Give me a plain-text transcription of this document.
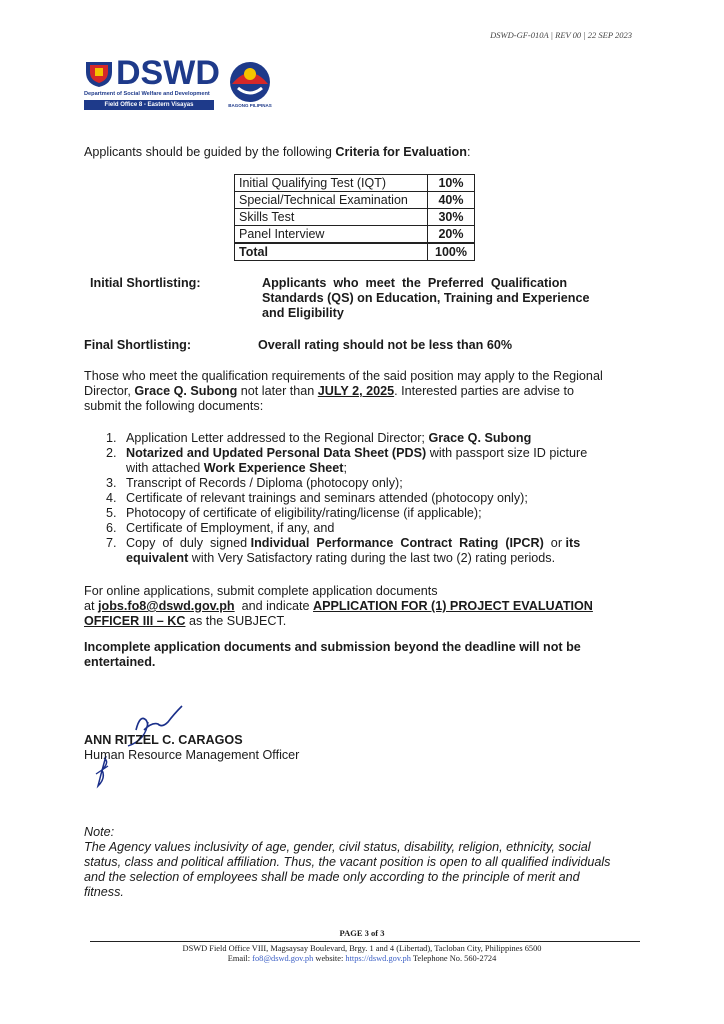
DSWD-GF-010A | REV 00 | 22 SEP 2023
DSWD
Department of Social Welfare and Development
Field Office 8 - Eastern Visayas	BAGONG PILIPINAS
Applicants should be guided by the following Criteria for Evaluation:
Initial Qualifying Test (IQT)	10%
Special/Technical Examination	40%
Skills Test	30%
Panel Interview	20%
Total	100%
Initial Shortlisting:	Applicants  who  meet  the  Preferred  Qualification
Standards (QS) on Education, Training and Experience
and Eligibility
Final Shortlisting:	Overall rating should not be less than 60%
Those who meet the qualification requirements of the said position may apply to the Regional
Director, Grace Q. Subong not later than JULY 2, 2025. Interested parties are advise to
submit the following documents:
1. Application Letter addressed to the Regional Director; Grace Q. Subong
2. Notarized and Updated Personal Data Sheet (PDS) with passport size ID picture
with attached Work Experience Sheet;
3. Transcript of Records / Diploma (photocopy only);
4. Certificate of relevant trainings and seminars attended (photocopy only);
5. Photocopy of certificate of eligibility/rating/license (if applicable);
6. Certificate of Employment, if any, and
7. Copy  of  duly  signed Individual  Performance  Contract  Rating  (IPCR)  or its
equivalent with Very Satisfactory rating during the last two (2) rating periods.
For online applications, submit complete application documents
at jobs.fo8@dswd.gov.ph  and indicate APPLICATION FOR (1) PROJECT EVALUATION
OFFICER III – KC as the SUBJECT.
Incomplete application documents and submission beyond the deadline will not be
entertained.
ANN RITZEL C. CARAGOS
Human Resource Management Officer
Note:
The Agency values inclusivity of age, gender, civil status, disability, religion, ethnicity, social
status, class and political affiliation. Thus, the vacant position is open to all qualified individuals
and the selection of employees shall be made only according to the principle of merit and
fitness.
PAGE 3 of 3
DSWD Field Office VIII, Magsaysay Boulevard, Brgy. 1 and 4 (Libertad), Tacloban City, Philippines 6500
Email: fo8@dswd.gov.ph website: https://dswd.gov.ph Telephone No. 560-2724
